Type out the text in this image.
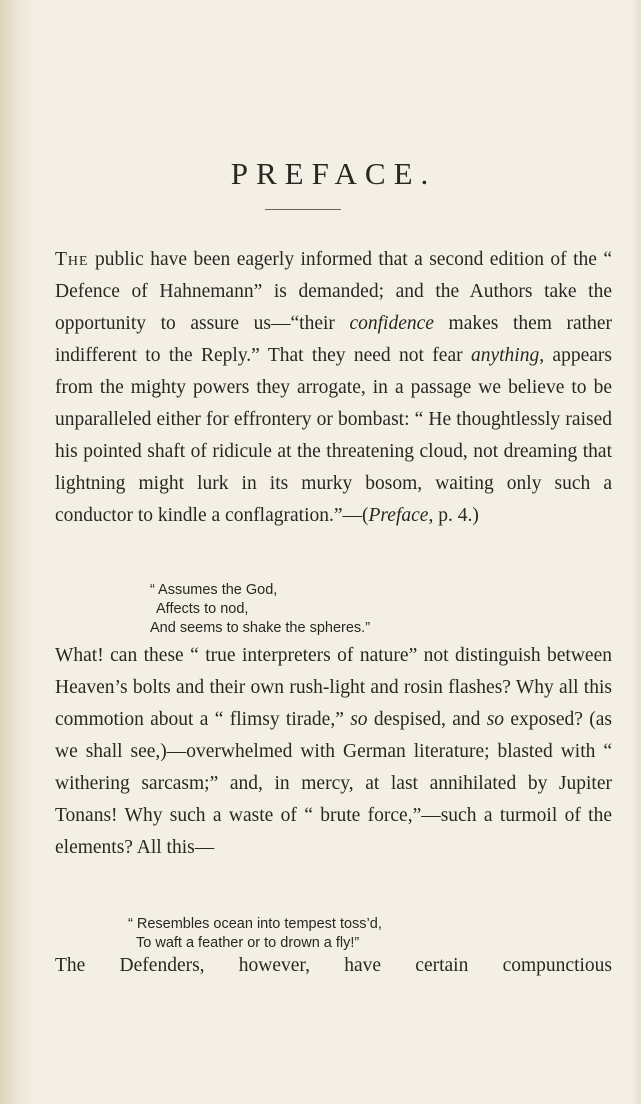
PREFACE.

The public have been eagerly informed that a second edition of the “ Defence of Hahnemann” is demanded; and the Authors take the opportunity to assure us—“their confidence makes them rather indifferent to the Reply.” That they need not fear anything, appears from the mighty powers they arrogate, in a passage we believe to be unparalleled either for effrontery or bombast: “ He thoughtlessly raised his pointed shaft of ridicule at the threatening cloud, not dreaming that lightning might lurk in its murky bosom, waiting only such a conductor to kindle a conflagration.”—(Preface, p. 4.)

“ Assumes the God,
Affects to nod,
And seems to shake the spheres.”

What! can these “ true interpreters of nature” not distinguish between Heaven’s bolts and their own rush-light and rosin flashes? Why all this commotion about a “ flimsy tirade,” so despised, and so exposed? (as we shall see,)—overwhelmed with German literature; blasted with “ withering sarcasm;” and, in mercy, at last annihilated by Jupiter Tonans! Why such a waste of “ brute force,”—such a turmoil of the elements? All this—

“ Resembles ocean into tempest toss’d,
To waft a feather or to drown a fly!”

The Defenders, however, have certain compunctious
